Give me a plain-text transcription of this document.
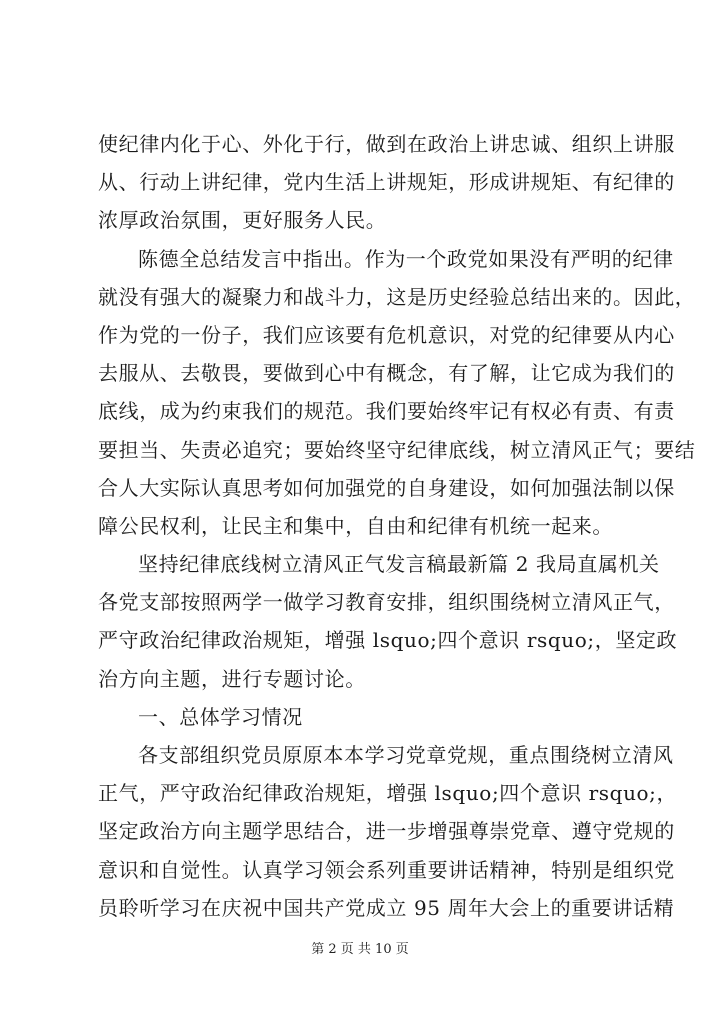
使纪律内化于心、外化于行，做到在政治上讲忠诚、组织上讲服
从、行动上讲纪律，党内生活上讲规矩，形成讲规矩、有纪律的
浓厚政治氛围，更好服务人民。
陈德全总结发言中指出。作为一个政党如果没有严明的纪律
就没有强大的凝聚力和战斗力，这是历史经验总结出来的。因此，
作为党的一份子，我们应该要有危机意识，对党的纪律要从内心
去服从、去敬畏，要做到心中有概念，有了解，让它成为我们的
底线，成为约束我们的规范。我们要始终牢记有权必有责、有责
要担当、失责必追究；要始终坚守纪律底线，树立清风正气；要结
合人大实际认真思考如何加强党的自身建设，如何加强法制以保
障公民权利，让民主和集中，自由和纪律有机统一起来。
坚持纪律底线树立清风正气发言稿最新篇 2 我局直属机关
各党支部按照两学一做学习教育安排，组织围绕树立清风正气，
严守政治纪律政治规矩，增强 lsquo;四个意识 rsquo;，坚定政
治方向主题，进行专题讨论。
一、总体学习情况
各支部组织党员原原本本学习党章党规，重点围绕树立清风
正气，严守政治纪律政治规矩，增强 lsquo;四个意识 rsquo;，
坚定政治方向主题学思结合，进一步增强尊崇党章、遵守党规的
意识和自觉性。认真学习领会系列重要讲话精神，特别是组织党
员聆听学习在庆祝中国共产党成立 95 周年大会上的重要讲话精
第 2 页 共 10 页
